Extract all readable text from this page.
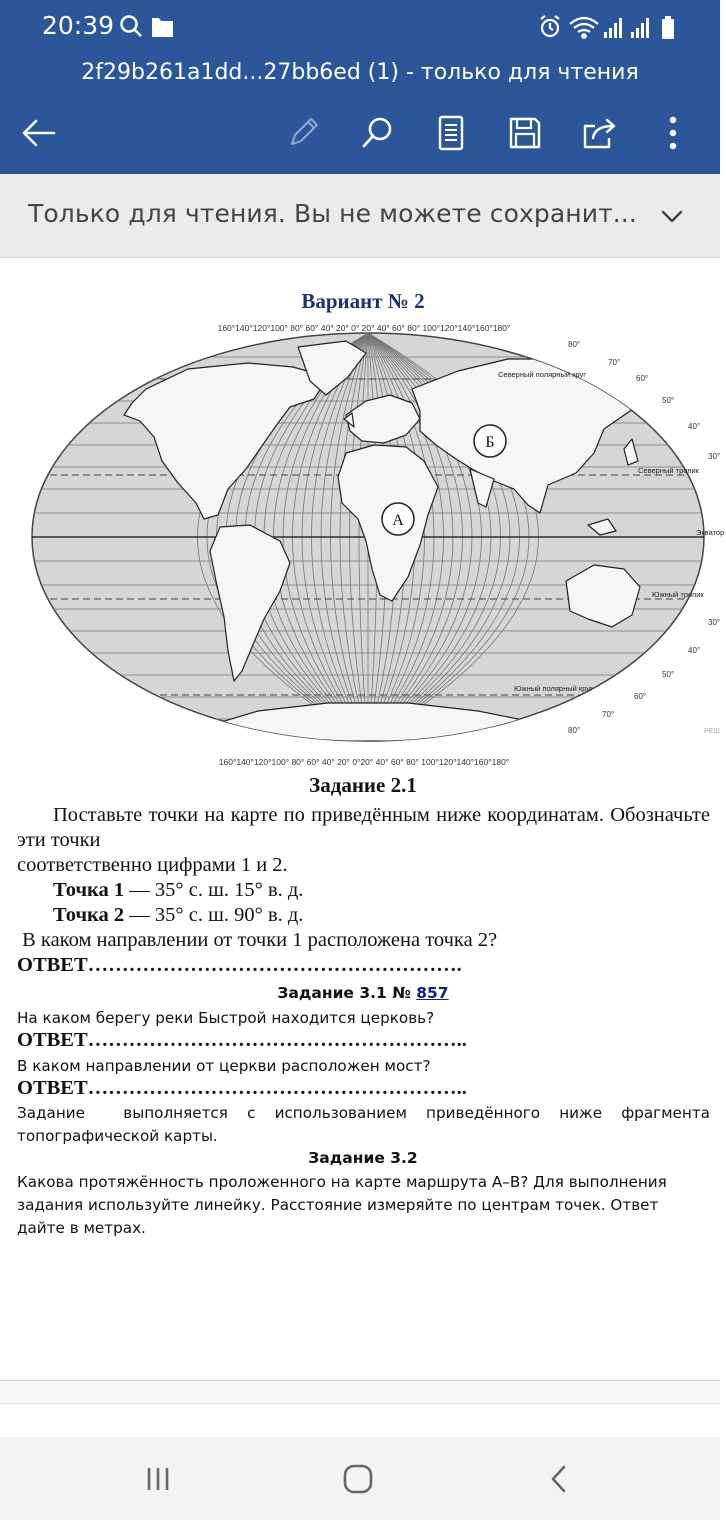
20:39
2f29b261a1dd...27bb6ed (1) - только для чтения
Только для чтения. Вы не можете сохранит...
Вариант № 2
160°140°120°100° 80° 60° 40° 20° 0° 20° 40° 60° 80° 100°120°140°160°180°
160°140°120°100° 80° 60° 40° 20° 0°20° 40° 60° 80° 100°120°140°160°180°
80°
70°
60°
50°
40°
30°
30°
40°
50°
60°
70°
80°
Северный полярный круг
Северный тропик
Экватор
Южный тропик
Южный полярный круг
РЕШ
А
Б
Задание 2.1
Поставьте точки на карте по приведённым ниже координатам. Обозначьте эти точки
соответственно цифрами 1 и 2.
Точка 1 — 35° с. ш. 15° в. д.
Точка 2 — 35° с. ш. 90° в. д.
В каком направлении от точки 1 расположена точка 2?
ОТВЕТ……………………………………………….
Задание 3.1 № 857
На каком берегу реки Быстрой находится церковь?
ОТВЕТ………………………………………………..
В каком направлении от церкви расположен мост?
ОТВЕТ………………………………………………..
Задание  выполняется с использованием приведённого ниже фрагмента топографической карты.
Задание 3.2
Какова протяжённость проложенного на карте маршрута А–В? Для выполнения задания используйте линейку. Расстояние измеряйте по центрам точек. Ответ дайте в метрах.
